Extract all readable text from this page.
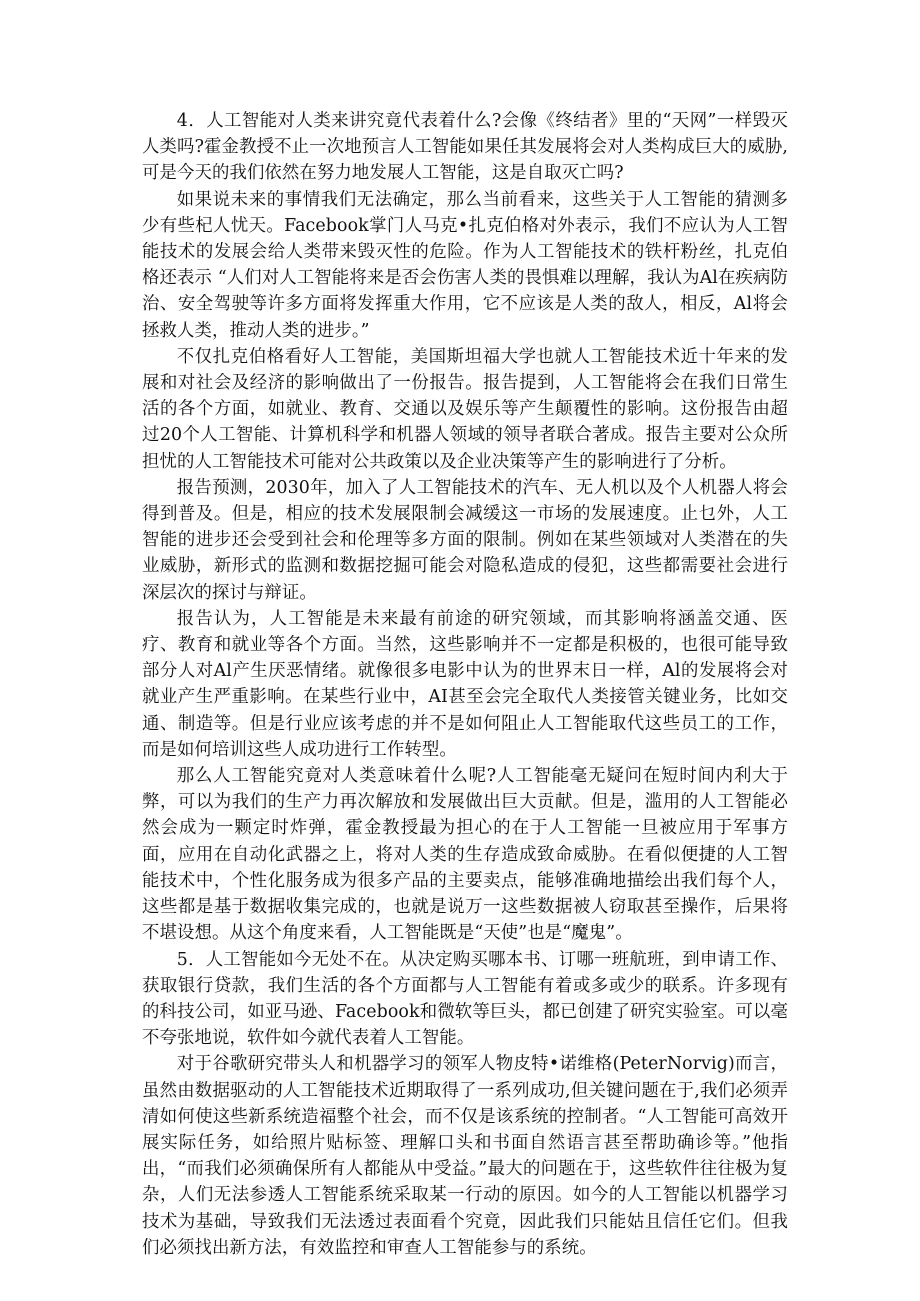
4．人工智能对人类来讲究竟代表着什么?会像《终结者》里的“天网”一样毁灭人类吗?霍金教授不止一次地预言人工智能如果任其发展将会对人类构成巨大的威胁,可是今天的我们依然在努力地发展人工智能，这是自取灭亡吗?

如果说未来的事情我们无法确定，那么当前看来，这些关于人工智能的猜测多少有些杞人忧天。Facebook掌门人马克•扎克伯格对外表示，我们不应认为人工智能技术的发展会给人类带来毁灭性的危险。作为人工智能技术的铁杆粉丝，扎克伯格还表示 “人们对人工智能将来是否会伤害人类的畏惧难以理解，我认为Al在疾病防治、安全驾驶等许多方面将发挥重大作用，它不应该是人类的敌人，相反，Al将会拯救人类，推动人类的进步。”

不仅扎克伯格看好人工智能，美国斯坦福大学也就人工智能技术近十年来的发展和对社会及经济的影响做出了一份报告。报告提到，人工智能将会在我们日常生活的各个方面，如就业、教育、交通以及娱乐等产生颠覆性的影响。这份报告由超过20个人工智能、计算机科学和机器人领域的领导者联合著成。报告主要对公众所担忧的人工智能技术可能对公共政策以及企业决策等产生的影响进行了分析。

报告预测，2030年，加入了人工智能技术的汽车、无人机以及个人机器人将会得到普及。但是，相应的技术发展限制会减缓这一市场的发展速度。止乜外，人工智能的进步还会受到社会和伦理等多方面的限制。例如在某些领域对人类潜在的失业威胁，新形式的监测和数据挖掘可能会对隐私造成的侵犯，这些都需要社会进行深层次的探讨与辩证。

报告认为，人工智能是未来最有前途的研究领域，而其影响将涵盖交通、医疗、教育和就业等各个方面。当然，这些影响并不一定都是积极的，也很可能导致部分人对Al产生厌恶情绪。就像很多电影中认为的世界末日一样，Al的发展将会对就业产生严重影响。在某些行业中，AI甚至会完全取代人类接管关键业务，比如交通、制造等。但是行业应该考虑的并不是如何阻止人工智能取代这些员工的工作，而是如何培训这些人成功进行工作转型。

那么人工智能究竟对人类意味着什么呢?人工智能毫无疑问在短时间内利大于弊，可以为我们的生产力再次解放和发展做出巨大贡献。但是，滥用的人工智能必然会成为一颗定时炸弹，霍金教授最为担心的在于人工智能一旦被应用于军事方面，应用在自动化武器之上，将对人类的生存造成致命威胁。在看似便捷的人工智能技术中，个性化服务成为很多产品的主要卖点，能够准确地描绘出我们每个人，这些都是基于数据收集完成的，也就是说万一这些数据被人窃取甚至操作，后果将不堪设想。从这个角度来看，人工智能既是“天使”也是“魔鬼”。

5．人工智能如今无处不在。从决定购买哪本书、订哪一班航班，到申请工作、获取银行贷款，我们生活的各个方面都与人工智能有着或多或少的联系。许多现有的科技公司，如亚马逊、Facebook和微软等巨头，都已创建了研究实验室。可以毫不夸张地说，软件如今就代表着人工智能。

对于谷歌研究带头人和机器学习的领军人物皮特•诺维格(PeterNorvig)而言，虽然由数据驱动的人工智能技术近期取得了一系列成功,但关键问题在于,我们必须弄清如何使这些新系统造福整个社会，而不仅是该系统的控制者。“人工智能可高效开展实际任务，如给照片贴标签、理解口头和书面自然语言甚至帮助确诊等。”他指出，“而我们必须确保所有人都能从中受益。”最大的问题在于，这些软件往往极为复杂，人们无法参透人工智能系统采取某一行动的原因。如今的人工智能以机器学习技术为基础，导致我们无法透过表面看个究竟，因此我们只能姑且信任它们。但我们必须找出新方法，有效监控和审查人工智能参与的系统。
